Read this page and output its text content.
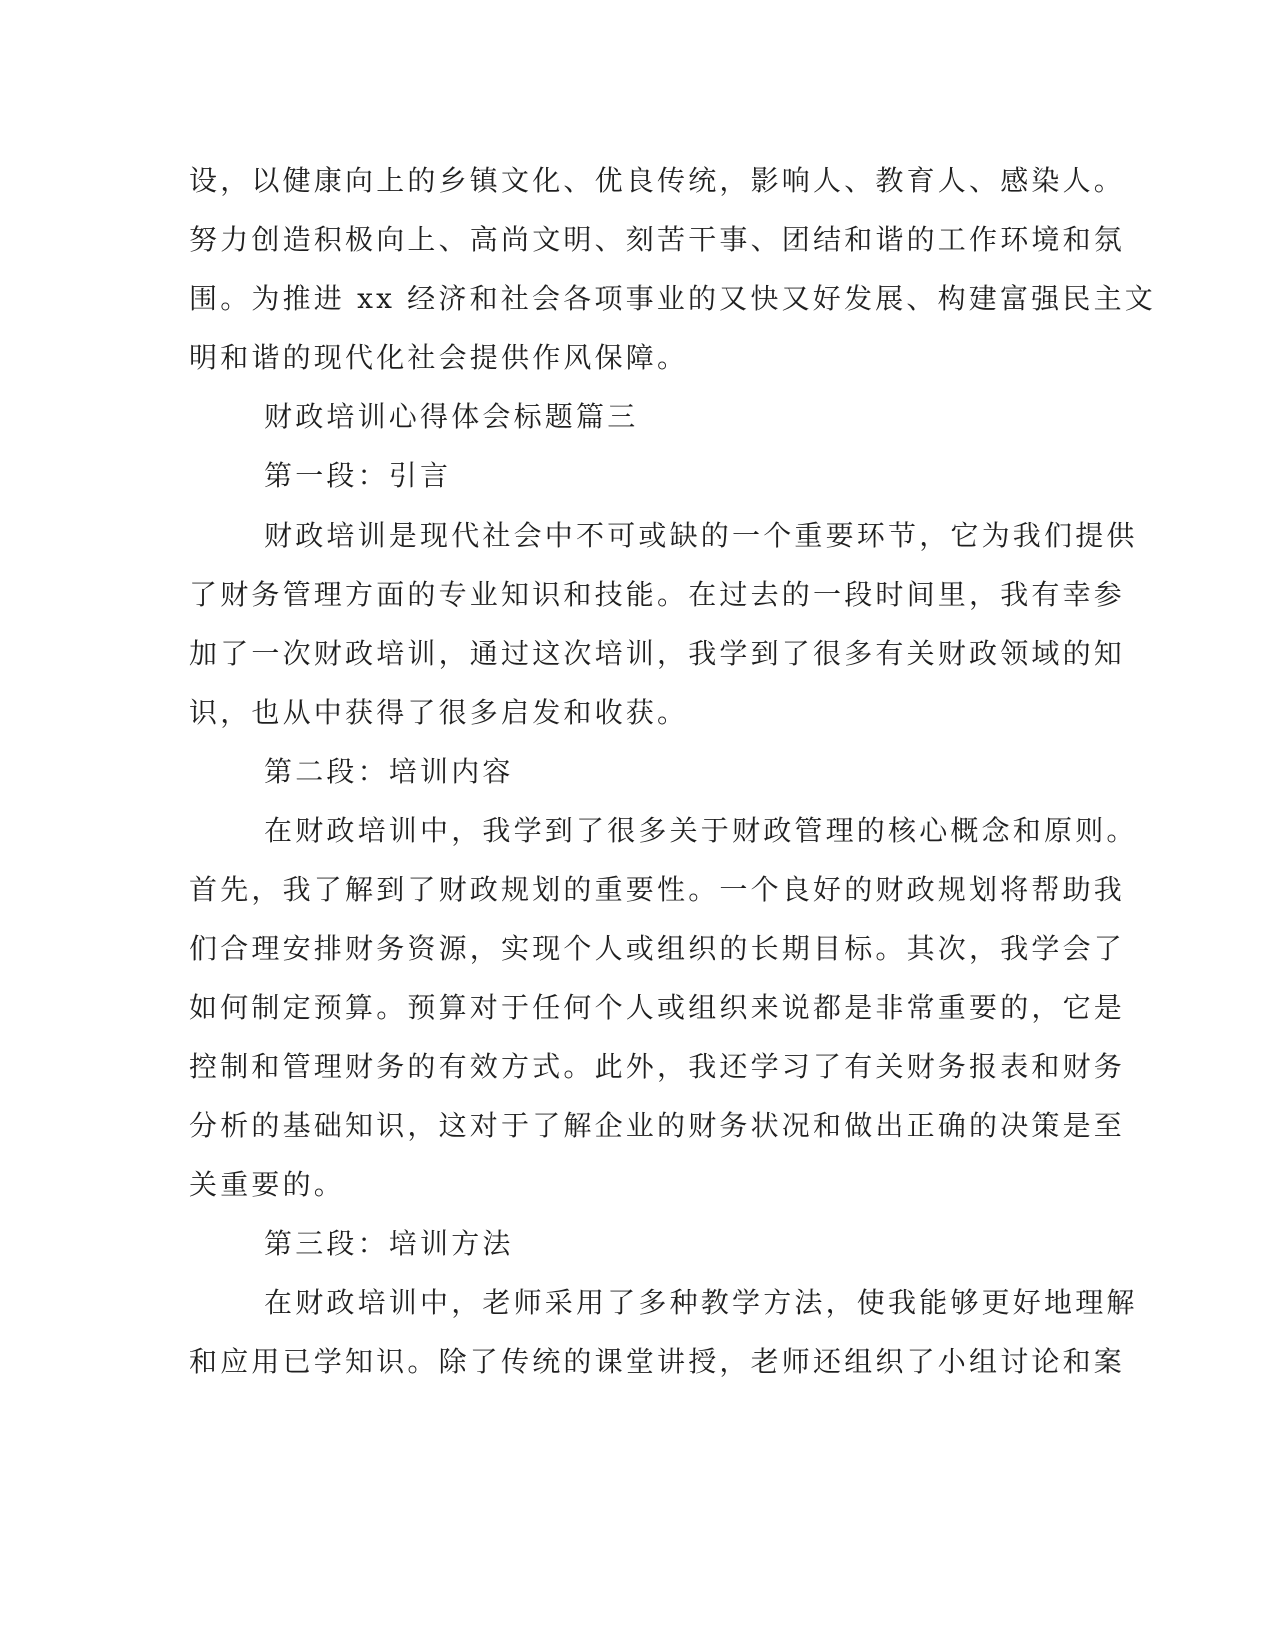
设，以健康向上的乡镇文化、优良传统，影响人、教育人、感染人。

努力创造积极向上、高尚文明、刻苦干事、团结和谐的工作环境和氛

围。为推进 xx 经济和社会各项事业的又快又好发展、构建富强民主文

明和谐的现代化社会提供作风保障。

财政培训心得体会标题篇三

第一段：引言

财政培训是现代社会中不可或缺的一个重要环节，它为我们提供

了财务管理方面的专业知识和技能。在过去的一段时间里，我有幸参

加了一次财政培训，通过这次培训，我学到了很多有关财政领域的知

识，也从中获得了很多启发和收获。

第二段：培训内容

在财政培训中，我学到了很多关于财政管理的核心概念和原则。

首先，我了解到了财政规划的重要性。一个良好的财政规划将帮助我

们合理安排财务资源，实现个人或组织的长期目标。其次，我学会了

如何制定预算。预算对于任何个人或组织来说都是非常重要的，它是

控制和管理财务的有效方式。此外，我还学习了有关财务报表和财务

分析的基础知识，这对于了解企业的财务状况和做出正确的决策是至

关重要的。

第三段：培训方法

在财政培训中，老师采用了多种教学方法，使我能够更好地理解

和应用已学知识。除了传统的课堂讲授，老师还组织了小组讨论和案
